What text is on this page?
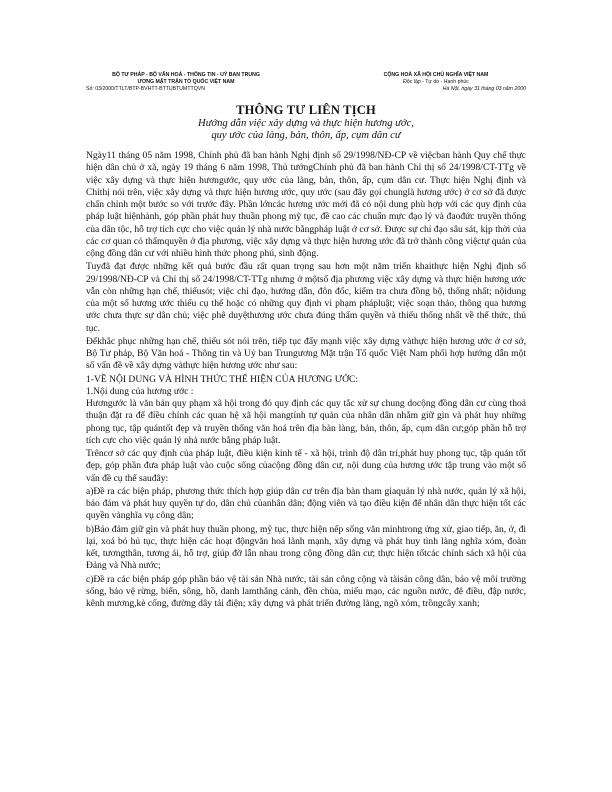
BỘ TƯ PHÁP - BỘ VĂN HOÁ - THÔNG TIN - UỶ BAN TRUNG
ƯƠNG MẶT TRẬN TỔ QUỐC VIỆT NAM
Số: 03/2000/TTLT/BTP-BVHTT-BTTUBTUMTTQVN
CỘNG HOÀ XÃ HỘI CHỦ NGHĨA VIỆT NAM
Độc lập - Tự do - Hạnh phúc
Hà Nội, ngày 31 tháng 03 năm 2000
THÔNG TƯ LIÊN TỊCH
Hướng dẫn việc xây dựng và thực hiện hương ước,
quy ước của làng, bản, thôn, ấp, cụm dân cư

Ngày11 tháng 05 năm 1998, Chính phủ đã ban hành Nghị định số 29/1998/NĐ-CP về việcban hành Quy chế thực hiện dân chủ ở xã, ngày 19 tháng 6 năm 1998, Thủ tướngChính phủ đã ban hành Chỉ thị số 24/1998/CT-TTg về việc xây dựng và thực hiện hươngước, quy ước của làng, bản, thôn, ấp, cụm dân cư. Thực hiện Nghị định và Chỉthị nói trên, việc xây dựng và thực hiện hương ước, quy ước (sau đây gọi chunglà hương ước) ở cơ sở đã được chấn chỉnh một bước so với trước đây. Phần lớncác hương ước mới đã có nội dung phù hợp với các quy định của pháp luật hiệnhành, góp phần phát huy thuần phong mỹ tục, đề cao các chuẩn mực đạo lý và đaođức truyền thống của dân tộc, hỗ trợ tích cực cho việc quản lý nhà nước bằngpháp luật ở cơ sở. Được sự chỉ đạo sâu sát, kịp thời của các cơ quan có thẩmquyền ở địa phương, việc xây dựng và thực hiện hương ước đã trở thành công việctự quản của cộng đồng dân cư với nhiều hình thức phong phú, sinh động.

Tuyđã đạt được những kết quả bước đầu rất quan trọng sau hơn một năm triển khaithực hiện Nghị định số 29/1998/NĐ-CP và Chỉ thị số 24/1998/CT-TTg nhưng ở mộtsố địa phương việc xây dựng và thực hiện hương ước vẫn còn những hạn chế, thiếusót; việc chỉ đạo, hướng dẫn, đôn đốc, kiểm tra chưa đồng bộ, thống nhất; nộidung của một số hương ước thiếu cụ thể hoặc có những quy định vi phạm phápluật; việc soạn thảo, thông qua hương ước chưa thực sự dân chủ; việc phê duyệthương ước chưa đúng thẩm quyền và thiếu thống nhất về thể thức, thủ tục.

Đểkhắc phục những hạn chế, thiếu sót nói trên, tiếp tục đẩy mạnh việc xây dựng vàthực hiện hương ước ở cơ sở, Bộ Tư pháp, Bộ Văn hoá - Thông tin và Uỷ ban Trungương Mặt trận Tổ quốc Việt Nam phối hợp hướng dẫn một số vấn đề về xây dựng vàthực hiện hương ước như sau:

1-VỀ NỘI DUNG VÀ HÌNH THỨC THỂ HIỆN CỦA HƯƠNG ƯỚC:

1.Nội dung của hương ước :

Hươngước là văn bản quy phạm xã hội trong đó quy định các quy tắc xử sự chung docộng đồng dân cư cùng thoả thuận đặt ra để điều chỉnh các quan hệ xã hội mangtính tự quản của nhân dân nhằm giữ gìn và phát huy những phong tục, tập quántốt đẹp và truyền thống văn hoá trên địa bàn làng, bản, thôn, ấp, cụm dân cư;góp phần hỗ trợ tích cực cho việc quản lý nhà nước bằng pháp luật.

Trêncơ sở các quy định của pháp luật, điều kiện kinh tế - xã hội, trình độ dân trí,phát huy phong tục, tập quán tốt đẹp, góp phần đưa pháp luật vào cuộc sống củacộng đồng dân cư, nội dung của hương ước tập trung vào một số vấn đề cụ thể sauđây:

a)Đề ra các biện pháp, phương thức thích hợp giúp dân cư trên địa bàn tham giaquản lý nhà nước, quản lý xã hội, bảo đảm và phát huy quyền tự do, dân chủ củanhân dân; động viên và tạo điều kiện để nhân dân thực hiện tốt các quyền vànghĩa vụ công dân;

b)Bảo đảm giữ gìn và phát huy thuần phong, mỹ tục, thực hiện nếp sống văn minhtrong ứng xử, giao tiếp, ăn, ở, đi lại, xoá bỏ hủ tục, thực hiện các hoạt độngvăn hoá lành mạnh, xây dựng và phát huy tình làng nghĩa xóm, đoàn kết, tươngthân, tương ái, hỗ trợ, giúp đỡ lẫn nhau trong cộng đồng dân cư; thực hiện tốtcác chính sách xã hội của Đảng và Nhà nước;

c)Đề ra các biện pháp góp phần bảo vệ tài sản Nhà nước, tài sản công cộng và tàisản công dân, bảo vệ môi trường sống, bảo vệ rừng, biển, sông, hồ, danh lamthắng cảnh, đền chùa, miếu mạo, các nguồn nước, đê điều, đập nước, kênh mương,kè cống, đường dây tải điện; xây dựng và phát triển đường làng, ngõ xóm, trồngcây xanh;
